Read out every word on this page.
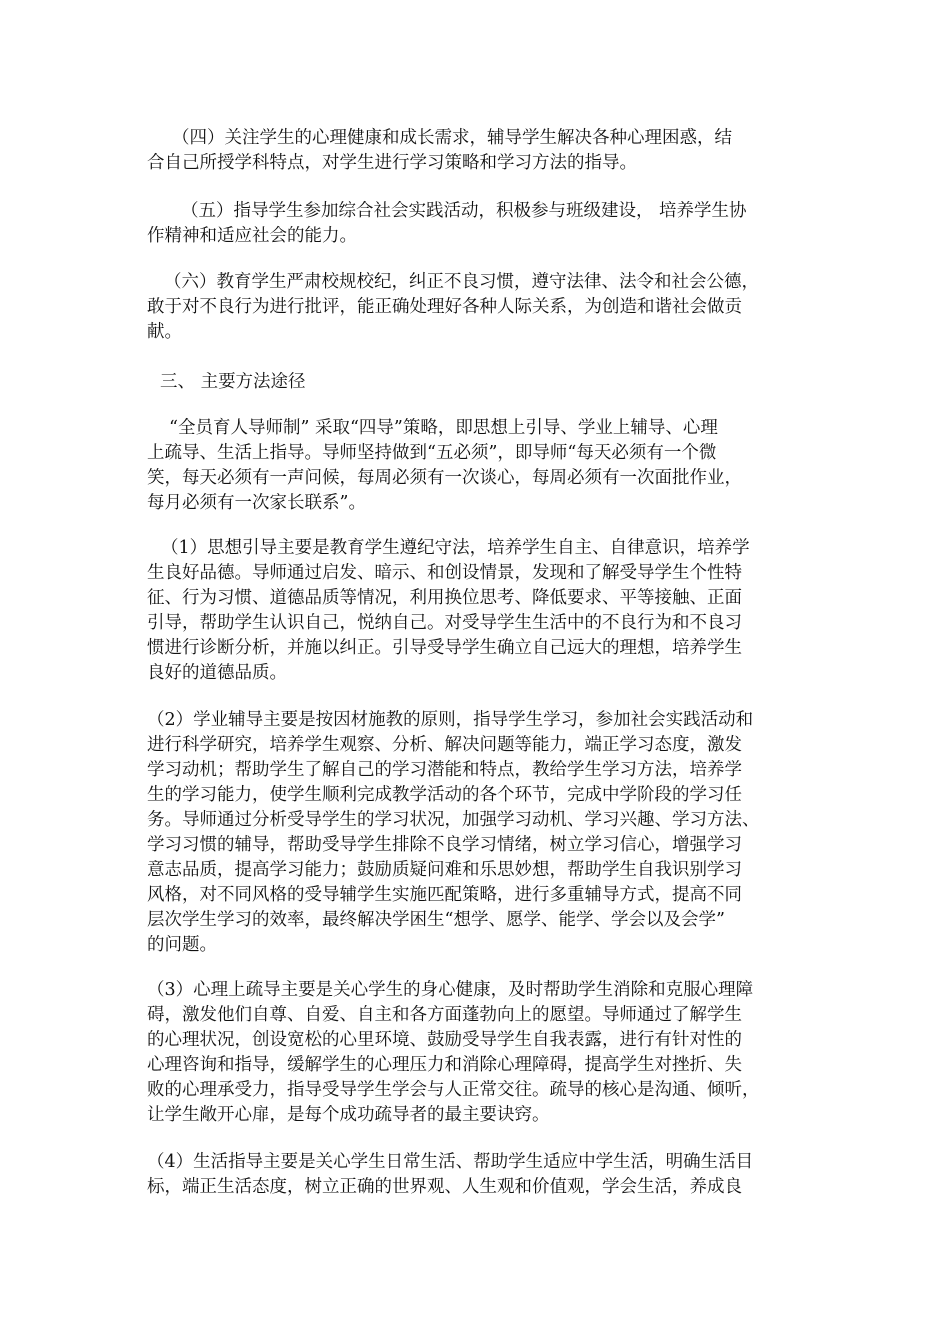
（四）关注学生的心理健康和成长需求，辅导学生解决各种心理困惑，结
合自己所授学科特点，对学生进行学习策略和学习方法的指导。
（五）指导学生参加综合社会实践活动，积极参与班级建设， 培养学生协
作精神和适应社会的能力。
（六）教育学生严肃校规校纪，纠正不良习惯，遵守法律、法令和社会公德，
敢于对不良行为进行批评，能正确处理好各种人际关系，为创造和谐社会做贡
献。
三、 主要方法途径
“全员育人导师制” 采取“四导”策略，即思想上引导、学业上辅导、心理
上疏导、生活上指导。导师坚持做到“五必须”，即导师“每天必须有一个微
笑，每天必须有一声问候，每周必须有一次谈心，每周必须有一次面批作业，
每月必须有一次家长联系”。
（1）思想引导主要是教育学生遵纪守法，培养学生自主、自律意识，培养学
生良好品德。导师通过启发、暗示、和创设情景，发现和了解受导学生个性特
征、行为习惯、道德品质等情况，利用换位思考、降低要求、平等接触、正面
引导，帮助学生认识自己，悦纳自己。对受导学生生活中的不良行为和不良习
惯进行诊断分析，并施以纠正。引导受导学生确立自己远大的理想，培养学生
良好的道德品质。
（2）学业辅导主要是按因材施教的原则，指导学生学习，参加社会实践活动和
进行科学研究，培养学生观察、分析、解决问题等能力，端正学习态度，激发
学习动机；帮助学生了解自己的学习潜能和特点，教给学生学习方法，培养学
生的学习能力，使学生顺利完成教学活动的各个环节，完成中学阶段的学习任
务。导师通过分析受导学生的学习状况，加强学习动机、学习兴趣、学习方法、
学习习惯的辅导，帮助受导学生排除不良学习情绪，树立学习信心，增强学习
意志品质，提高学习能力；鼓励质疑问难和乐思妙想，帮助学生自我识别学习
风格，对不同风格的受导辅学生实施匹配策略，进行多重辅导方式，提高不同
层次学生学习的效率，最终解决学困生“想学、愿学、能学、学会以及会学”
的问题。
（3）心理上疏导主要是关心学生的身心健康，及时帮助学生消除和克服心理障
碍，激发他们自尊、自爱、自主和各方面蓬勃向上的愿望。导师通过了解学生
的心理状况，创设宽松的心里环境、鼓励受导学生自我表露，进行有针对性的
心理咨询和指导，缓解学生的心理压力和消除心理障碍，提高学生对挫折、失
败的心理承受力，指导受导学生学会与人正常交往。疏导的核心是沟通、倾听，
让学生敞开心扉，是每个成功疏导者的最主要诀窍。
（4）生活指导主要是关心学生日常生活、帮助学生适应中学生活，明确生活目
标，端正生活态度，树立正确的世界观、人生观和价值观，学会生活，养成良
